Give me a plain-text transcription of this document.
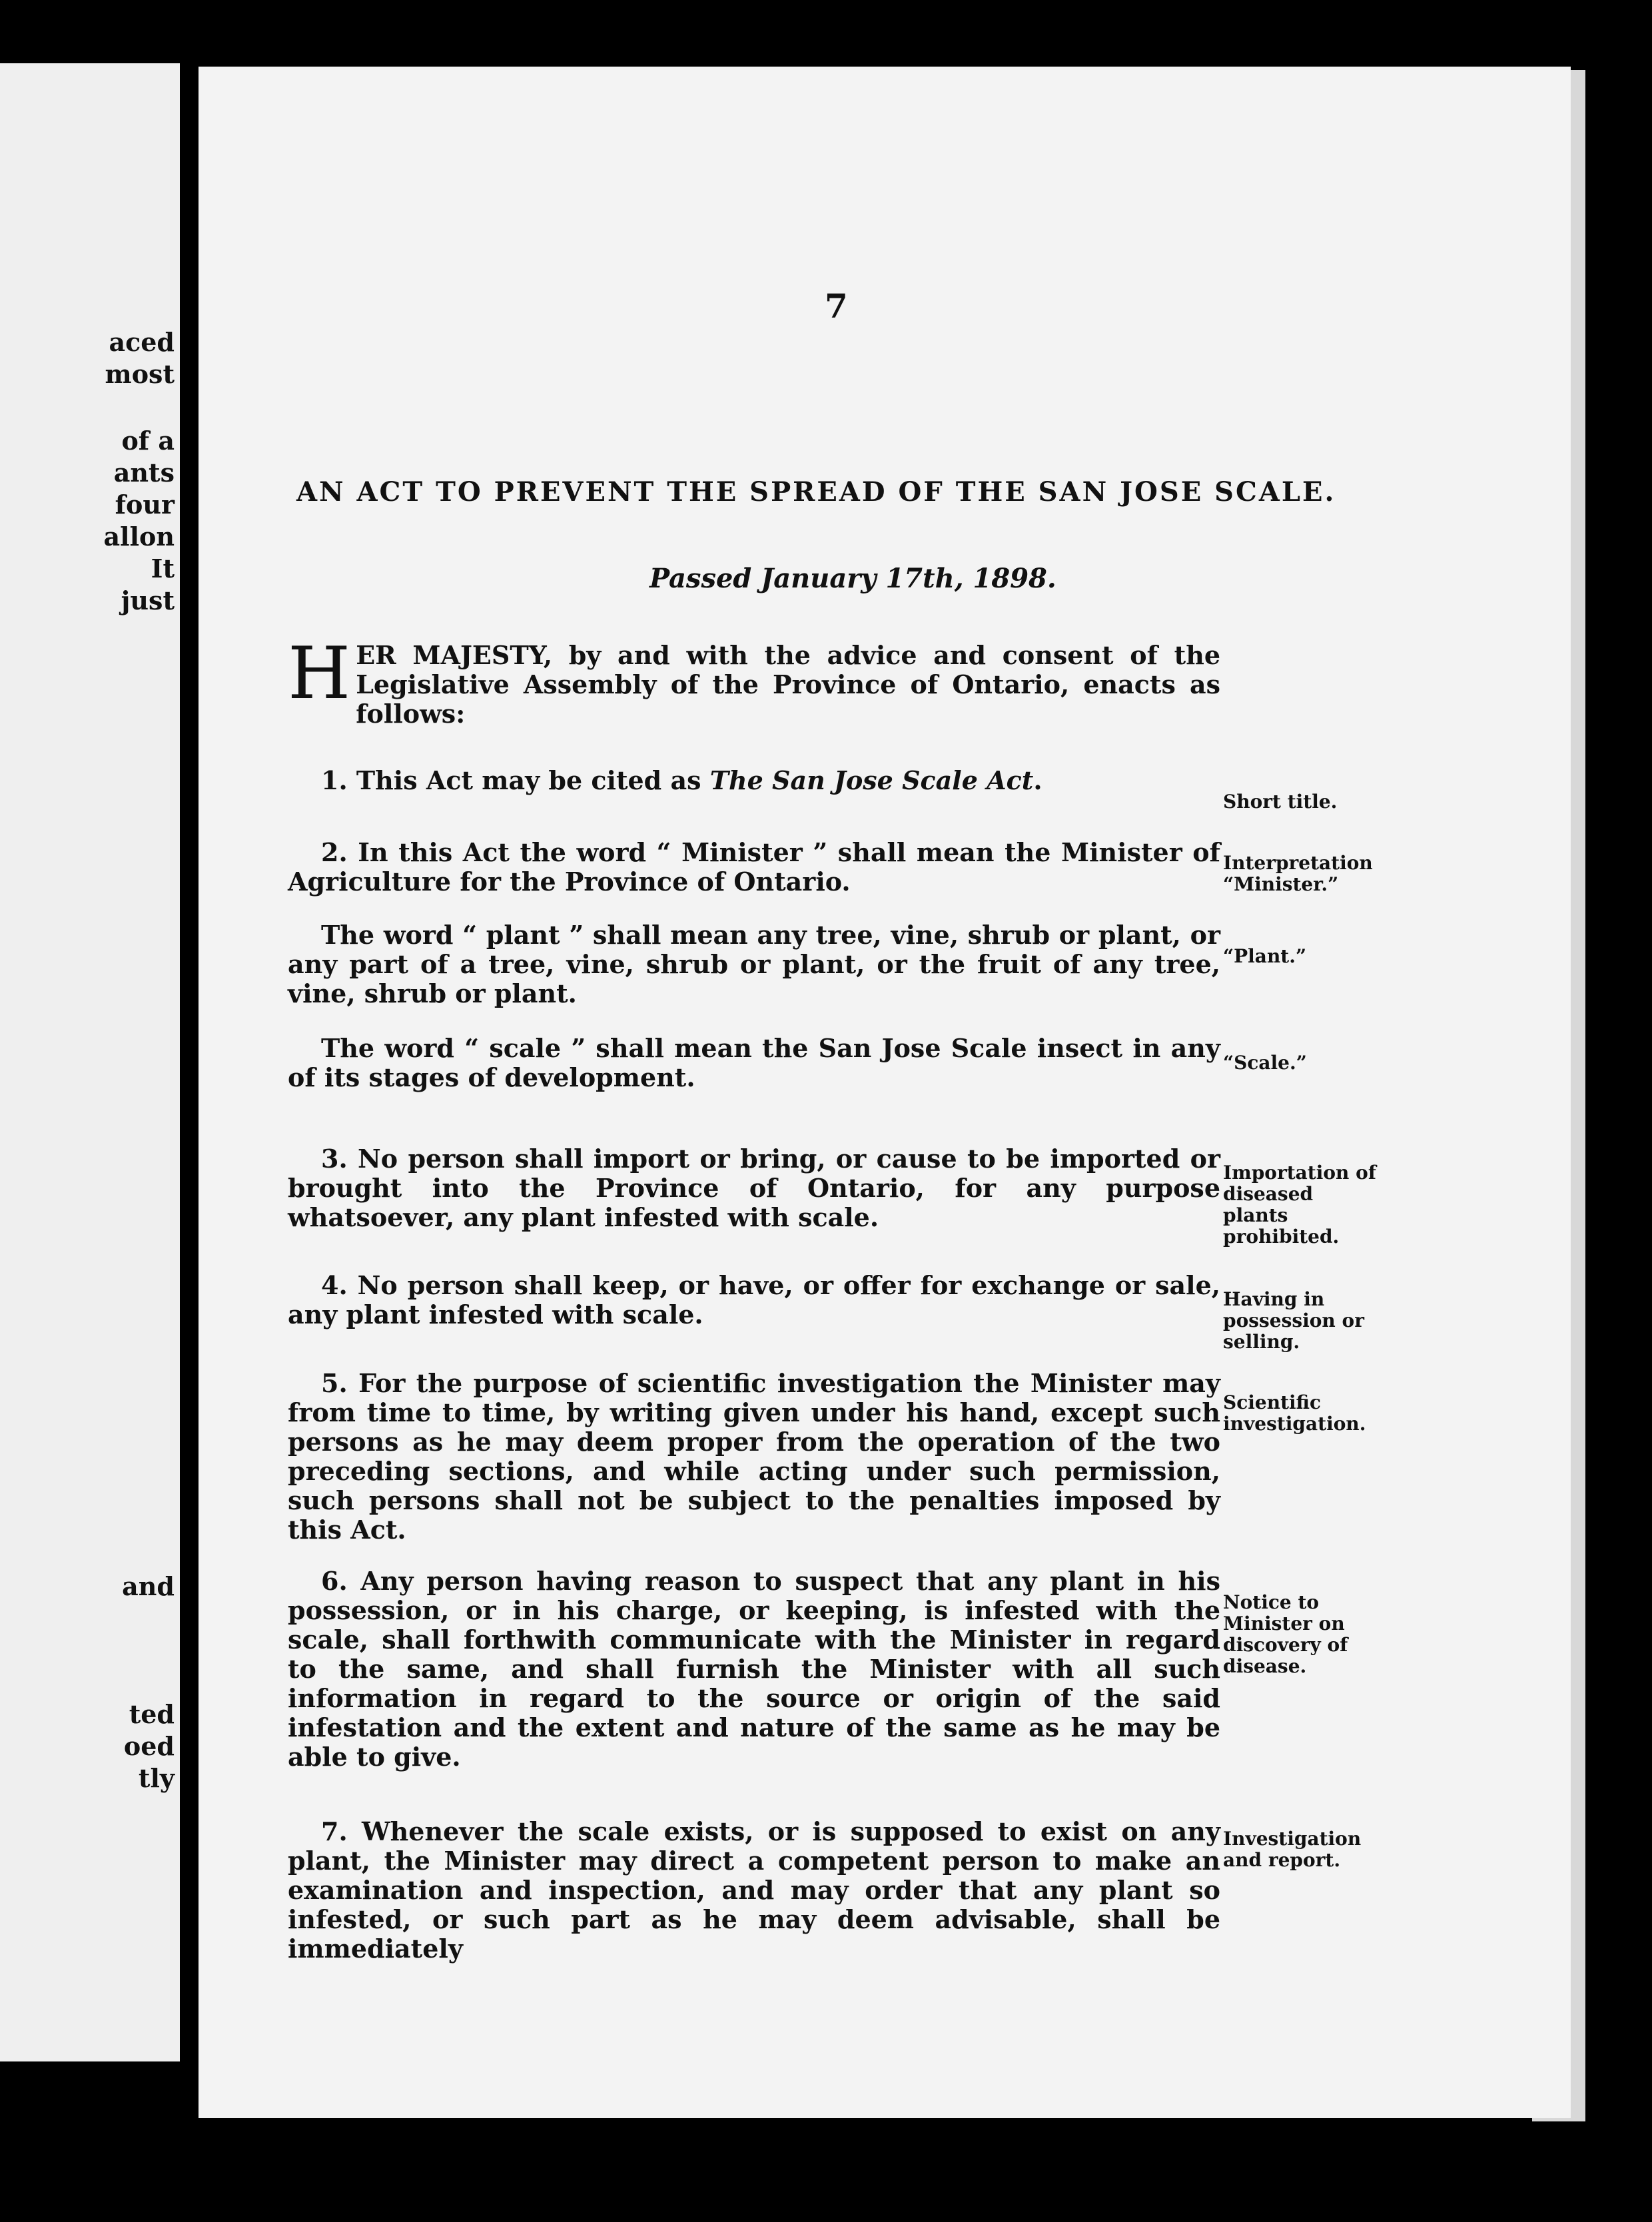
aced
most
of a
ants
four
allon
It
just
and
ted
oed
tly
7
AN ACT TO PREVENT THE SPREAD OF THE SAN JOSE SCALE.
Passed January 17th, 1898.
HER MAJESTY, by and with the advice and consent of the Legislative Assembly of the Province of Ontario, enacts as follows:
1. This Act may be cited as The San Jose Scale Act.
2. In this Act the word “ Minister ” shall mean the Minister of Agriculture for the Province of Ontario.
The word “ plant ” shall mean any tree, vine, shrub or plant, or any part of a tree, vine, shrub or plant, or the fruit of any tree, vine, shrub or plant.
The word “ scale ” shall mean the San Jose Scale insect in any of its stages of development.
3. No person shall import or bring, or cause to be imported or brought into the Province of Ontario, for any purpose whatsoever, any plant infested with scale.
4. No person shall keep, or have, or offer for exchange or sale, any plant infested with scale.
5. For the purpose of scientific investigation the Minister may from time to time, by writing given under his hand, except such persons as he may deem proper from the operation of the two preceding sections, and while acting under such permission, such persons shall not be subject to the penalties imposed by this Act.
6. Any person having reason to suspect that any plant in his possession, or in his charge, or keeping, is infested with the scale, shall forthwith communicate with the Minister in regard to the same, and shall furnish the Minister with all such information in regard to the source or origin of the said infestation and the extent and nature of the same as he may be able to give.
7. Whenever the scale exists, or is supposed to exist on any plant, the Minister may direct a competent person to make an examination and inspection, and may order that any plant so infested, or such part as he may deem advisable, shall be immediately
Short title.
Interpretation “Minister.”
“Plant.”
“Scale.”
Importation of diseased plants prohibited.
Having in possession or selling.
Scientific investigation.
Notice to Minister on discovery of disease.
Investigation and report.
